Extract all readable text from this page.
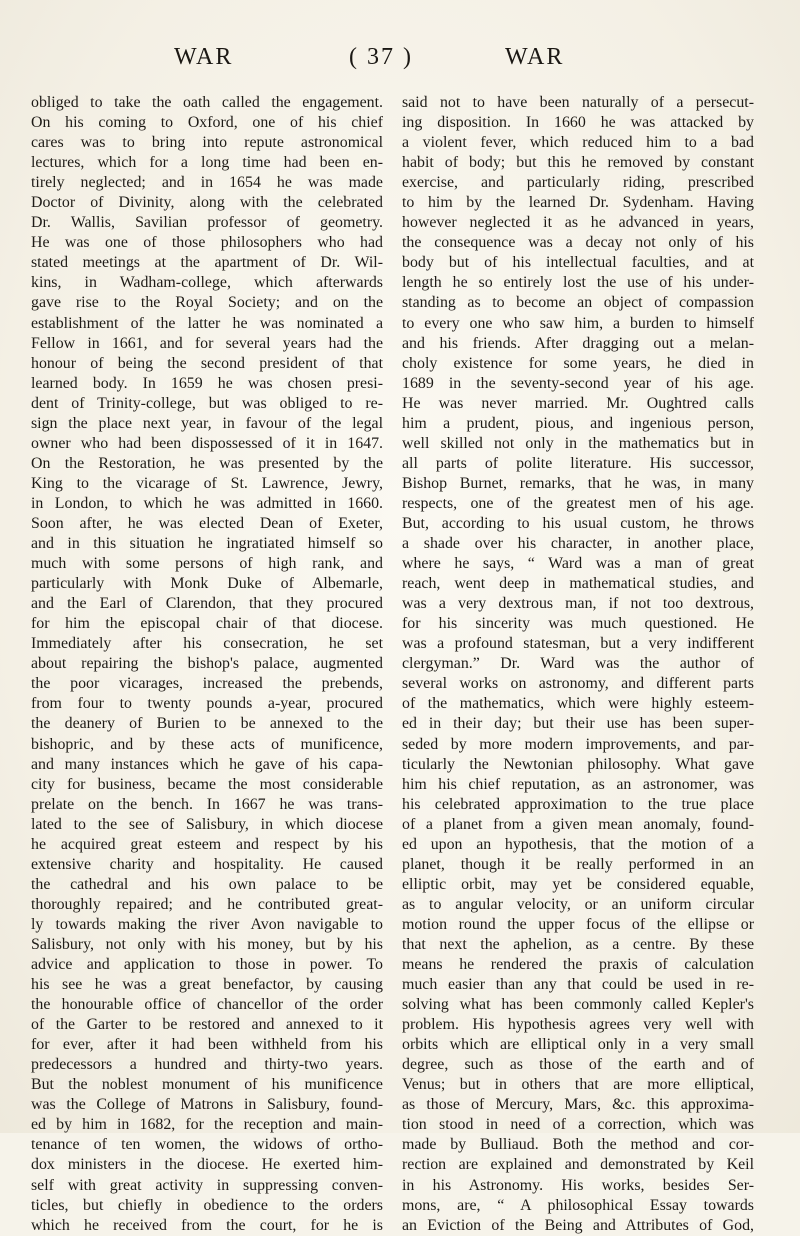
WAR	( 37 )	WAR
obliged to take the oath called the engagement.
On his coming to Oxford, one of his chief
cares was to bring into repute astronomical
lectures, which for a long time had been en-
tirely neglected; and in 1654 he was made
Doctor of Divinity, along with the celebrated
Dr. Wallis, Savilian professor of geometry.
He was one of those philosophers who had
stated meetings at the apartment of Dr. Wil-
kins, in Wadham-college, which afterwards
gave rise to the Royal Society; and on the
establishment of the latter he was nominated a
Fellow in 1661, and for several years had the
honour of being the second president of that
learned body. In 1659 he was chosen presi-
dent of Trinity-college, but was obliged to re-
sign the place next year, in favour of the legal
owner who had been dispossessed of it in 1647.
On the Restoration, he was presented by the
King to the vicarage of St. Lawrence, Jewry,
in London, to which he was admitted in 1660.
Soon after, he was elected Dean of Exeter,
and in this situation he ingratiated himself so
much with some persons of high rank, and
particularly with Monk Duke of Albemarle,
and the Earl of Clarendon, that they procured
for him the episcopal chair of that diocese.
Immediately after his consecration, he set
about repairing the bishop's palace, augmented
the poor vicarages, increased the prebends,
from four to twenty pounds a-year, procured
the deanery of Burien to be annexed to the
bishopric, and by these acts of munificence,
and many instances which he gave of his capa-
city for business, became the most considerable
prelate on the bench. In 1667 he was trans-
lated to the see of Salisbury, in which diocese
he acquired great esteem and respect by his
extensive charity and hospitality. He caused
the cathedral and his own palace to be
thoroughly repaired; and he contributed great-
ly towards making the river Avon navigable to
Salisbury, not only with his money, but by his
advice and application to those in power. To
his see he was a great benefactor, by causing
the honourable office of chancellor of the order
of the Garter to be restored and annexed to it
for ever, after it had been withheld from his
predecessors a hundred and thirty-two years.
But the noblest monument of his munificence
was the College of Matrons in Salisbury, found-
ed by him in 1682, for the reception and main-
tenance of ten women, the widows of ortho-
dox ministers in the diocese. He exerted him-
self with great activity in suppressing conven-
ticles, but chiefly in obedience to the orders
which he received from the court, for he is
said not to have been naturally of a persecut-
ing disposition. In 1660 he was attacked by
a violent fever, which reduced him to a bad
habit of body; but this he removed by constant
exercise, and particularly riding, prescribed
to him by the learned Dr. Sydenham. Having
however neglected it as he advanced in years,
the consequence was a decay not only of his
body but of his intellectual faculties, and at
length he so entirely lost the use of his under-
standing as to become an object of compassion
to every one who saw him, a burden to himself
and his friends. After dragging out a melan-
choly existence for some years, he died in
1689 in the seventy-second year of his age.
He was never married. Mr. Oughtred calls
him a prudent, pious, and ingenious person,
well skilled not only in the mathematics but in
all parts of polite literature. His successor,
Bishop Burnet, remarks, that he was, in many
respects, one of the greatest men of his age.
But, according to his usual custom, he throws
a shade over his character, in another place,
where he says, “ Ward was a man of great
reach, went deep in mathematical studies, and
was a very dextrous man, if not too dextrous,
for his sincerity was much questioned. He
was a profound statesman, but a very indifferent
clergyman.” Dr. Ward was the author of
several works on astronomy, and different parts
of the mathematics, which were highly esteem-
ed in their day; but their use has been super-
seded by more modern improvements, and par-
ticularly the Newtonian philosophy. What gave
him his chief reputation, as an astronomer, was
his celebrated approximation to the true place
of a planet from a given mean anomaly, found-
ed upon an hypothesis, that the motion of a
planet, though it be really performed in an
elliptic orbit, may yet be considered equable,
as to angular velocity, or an uniform circular
motion round the upper focus of the ellipse or
that next the aphelion, as a centre. By these
means he rendered the praxis of calculation
much easier than any that could be used in re-
solving what has been commonly called Kepler's
problem. His hypothesis agrees very well with
orbits which are elliptical only in a very small
degree, such as those of the earth and of
Venus; but in others that are more elliptical,
as those of Mercury, Mars, &c. this approxima-
tion stood in need of a correction, which was
made by Bulliaud. Both the method and cor-
rection are explained and demonstrated by Keil
in his Astronomy. His works, besides Ser-
mons, are, “ A philosophical Essay towards
an Eviction of the Being and Attributes of God,
